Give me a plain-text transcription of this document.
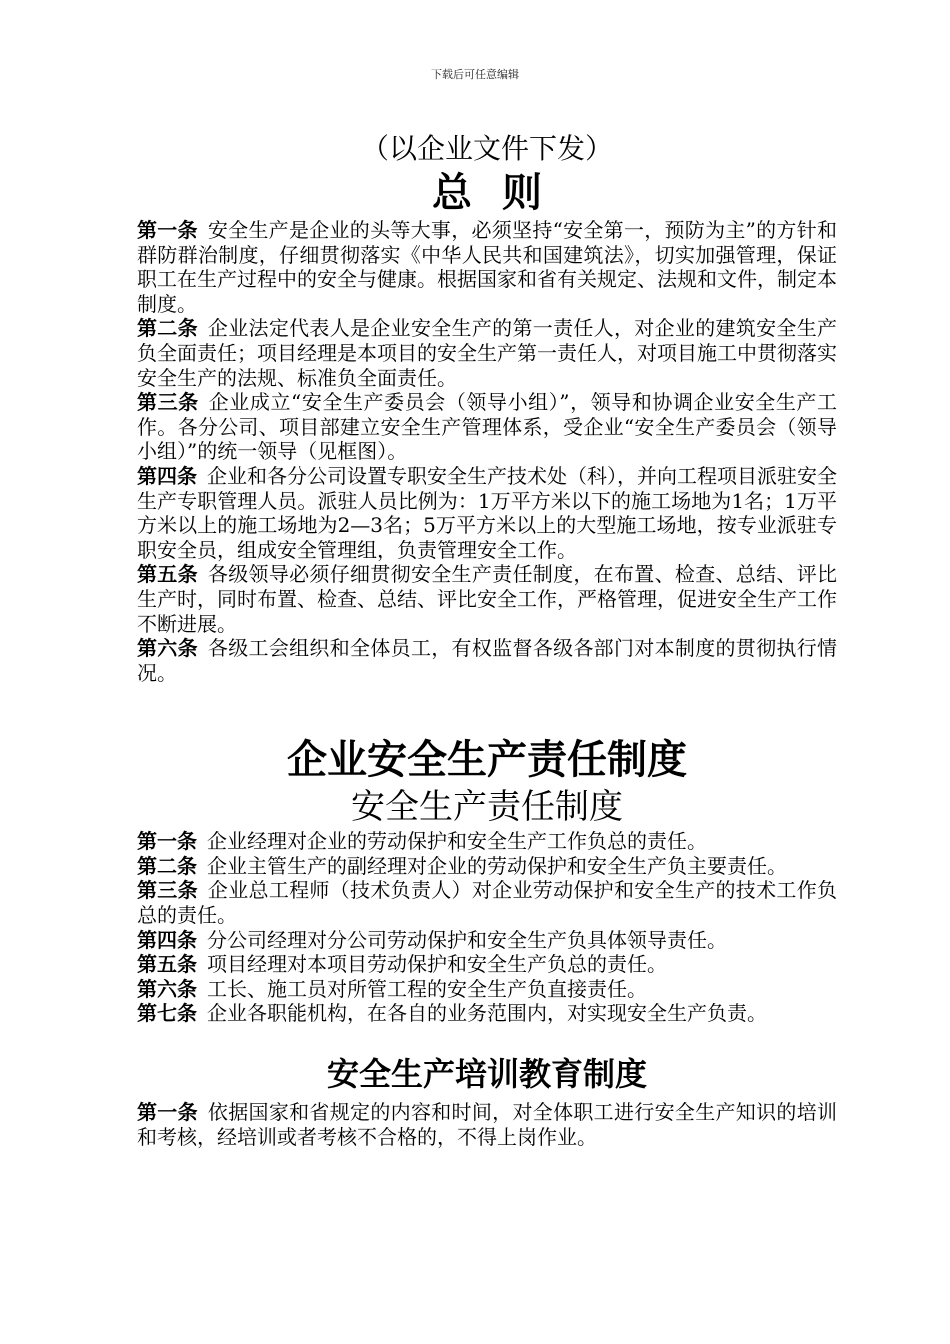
下载后可任意编辑

（以企业文件下发）

总则

第一条 安全生产是企业的头等大事，必须坚持“安全第一，预防为主”的方针和群防群治制度，仔细贯彻落实《中华人民共和国建筑法》，切实加强管理，保证职工在生产过程中的安全与健康。根据国家和省有关规定、法规和文件，制定本制度。

第二条 企业法定代表人是企业安全生产的第一责任人，对企业的建筑安全生产负全面责任；项目经理是本项目的安全生产第一责任人，对项目施工中贯彻落实安全生产的法规、标准负全面责任。

第三条 企业成立“安全生产委员会（领导小组）”，领导和协调企业安全生产工作。各分公司、项目部建立安全生产管理体系，受企业“安全生产委员会（领导小组）”的统一领导（见框图）。

第四条 企业和各分公司设置专职安全生产技术处（科），并向工程项目派驻安全生产专职管理人员。派驻人员比例为：1万平方米以下的施工场地为1名；1万平方米以上的施工场地为2—3名；5万平方米以上的大型施工场地，按专业派驻专职安全员，组成安全管理组，负责管理安全工作。

第五条 各级领导必须仔细贯彻安全生产责任制度，在布置、检查、总结、评比生产时，同时布置、检查、总结、评比安全工作，严格管理，促进安全生产工作不断进展。

第六条 各级工会组织和全体员工，有权监督各级各部门对本制度的贯彻执行情况。

企业安全生产责任制度

安全生产责任制度

第一条 企业经理对企业的劳动保护和安全生产工作负总的责任。

第二条 企业主管生产的副经理对企业的劳动保护和安全生产负主要责任。

第三条 企业总工程师（技术负责人）对企业劳动保护和安全生产的技术工作负总的责任。

第四条 分公司经理对分公司劳动保护和安全生产负具体领导责任。

第五条 项目经理对本项目劳动保护和安全生产负总的责任。

第六条 工长、施工员对所管工程的安全生产负直接责任。

第七条 企业各职能机构，在各自的业务范围内，对实现安全生产负责。

安全生产培训教育制度

第一条 依据国家和省规定的内容和时间，对全体职工进行安全生产知识的培训和考核，经培训或者考核不合格的，不得上岗作业。
